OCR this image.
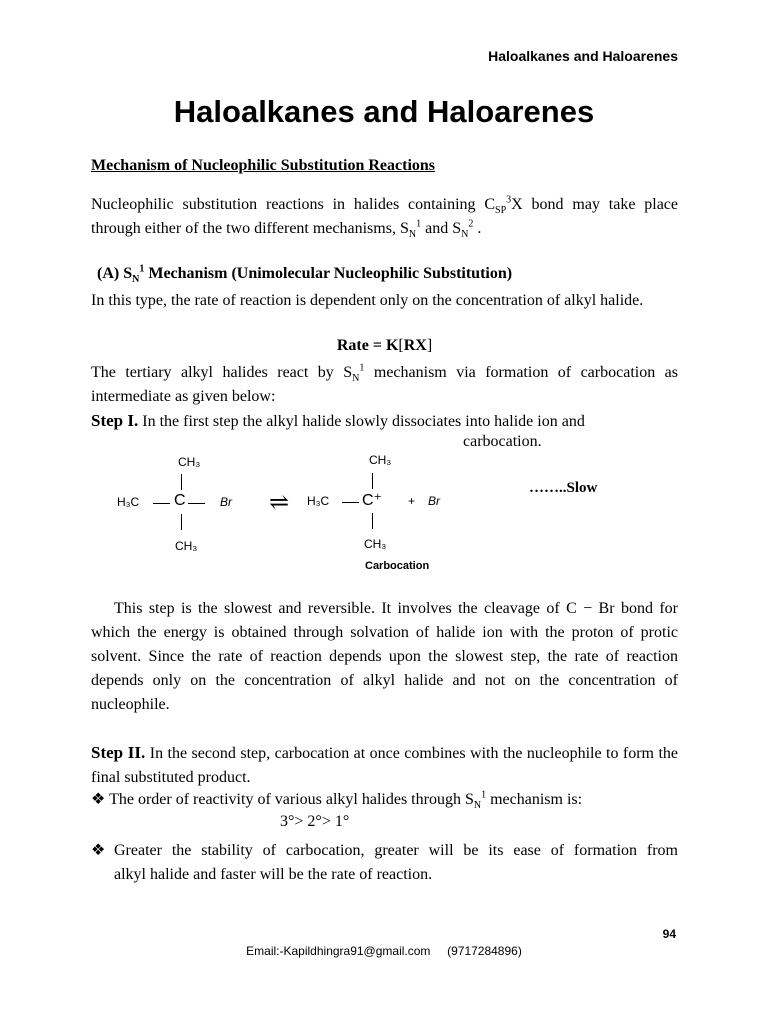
Haloalkanes and Haloarenes
Haloalkanes and Haloarenes
Mechanism of Nucleophilic Substitution Reactions
Nucleophilic substitution reactions in halides containing $C_{SP}^3X$ bond may take place through either of the two different mechanisms, $S_N^1$ and $S_N^2$ .
(A) $S_N^1$ Mechanism (Unimolecular Nucleophilic Substitution)
In this type, the rate of reaction is dependent only on the concentration of alkyl halide.
Rate = K[RX]
The tertiary alkyl halides react by $S_N^1$ mechanism via formation of carbocation as intermediate as given below:
Step I. In the first step the alkyl halide slowly dissociates into halide ion and
carbocation.
CH₃
H₃C C	Br
CH₃
⇌
CH₃
H₃C C⁺ + Br
CH₃
Carbocation
……..Slow
This step is the slowest and reversible. It involves the cleavage of C − Br bond for which the energy is obtained through solvation of halide ion with the proton of protic solvent. Since the rate of reaction depends upon the slowest step, the rate of reaction depends only on the concentration of alkyl halide and not on the concentration of nucleophile.
Step II. In the second step, carbocation at once combines with the nucleophile to form the final substituted product.
❖ The order of reactivity of various alkyl halides through $S_N^1$ mechanism is:
3°> 2°> 1°
❖ Greater the stability of carbocation, greater will be its ease of formation from
alkyl halide and faster will be the rate of reaction.
94
Email:-Kapildhingra91@gmail.com (9717284896)
